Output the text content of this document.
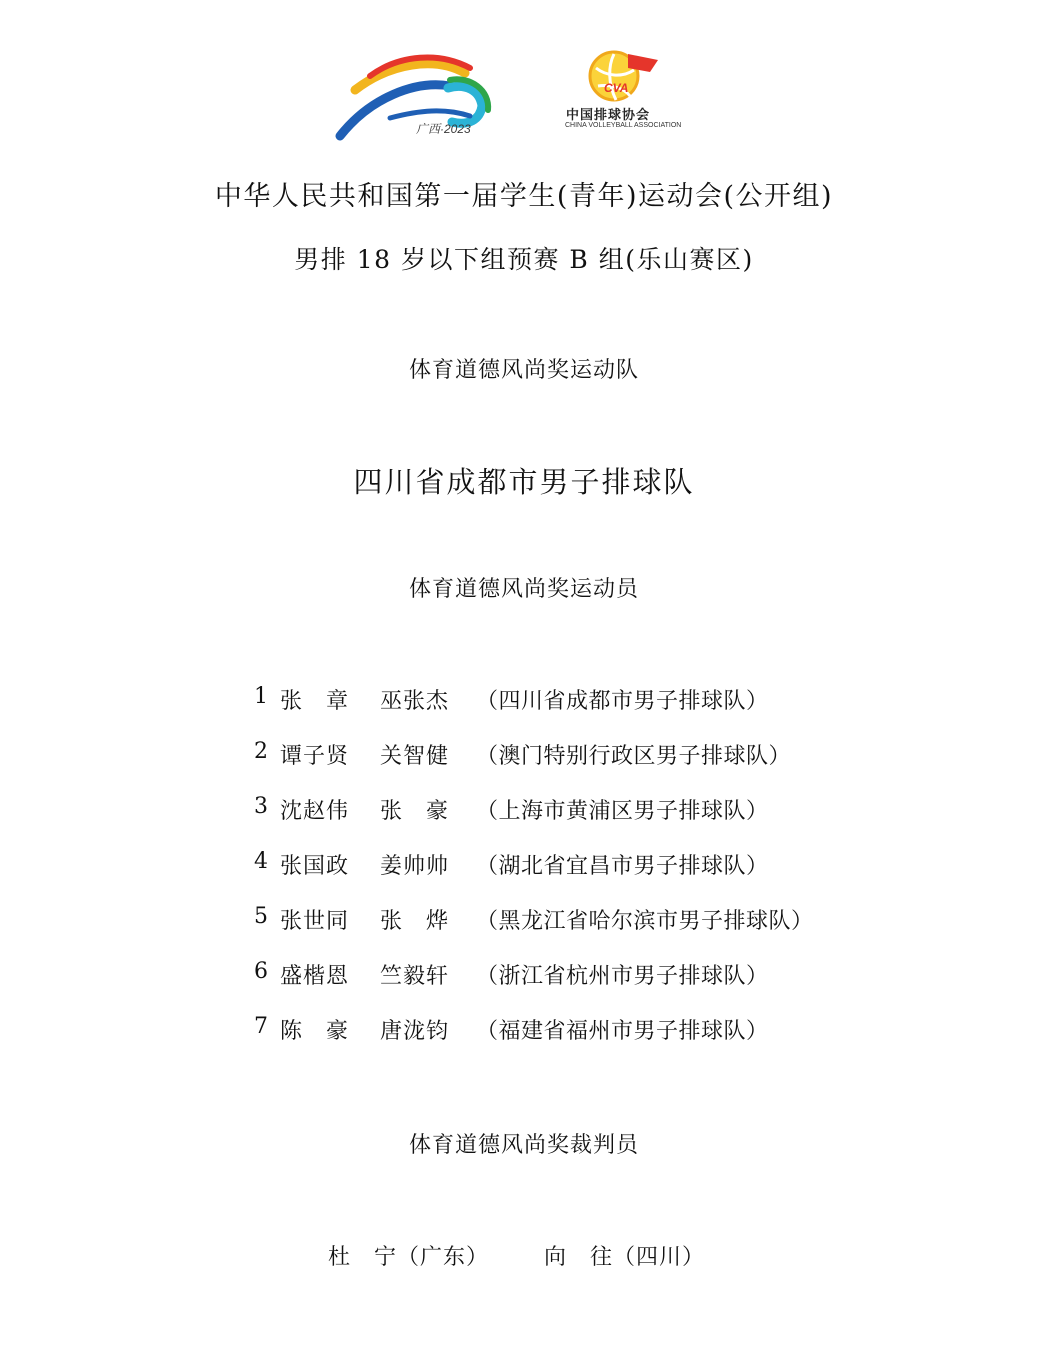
广西·2023
CVA
中国排球协会
CHINA VOLLEYBALL ASSOCIATION
中华人民共和国第一届学生(青年)运动会(公开组)
男排 18 岁以下组预赛 B 组(乐山赛区)
体育道德风尚奖运动队
四川省成都市男子排球队
体育道德风尚奖运动员
1 张　章 巫张杰 （四川省成都市男子排球队）
2 谭子贤 关智健 （澳门特别行政区男子排球队）
3 沈赵伟 张　豪 （上海市黄浦区男子排球队）
4 张国政 姜帅帅 （湖北省宜昌市男子排球队）
5 张世同 张　烨 （黑龙江省哈尔滨市男子排球队）
6 盛楷恩 竺毅轩 （浙江省杭州市男子排球队）
7 陈　豪 唐泷钧 （福建省福州市男子排球队）
体育道德风尚奖裁判员
杜　宁（广东） 向　往（四川）
